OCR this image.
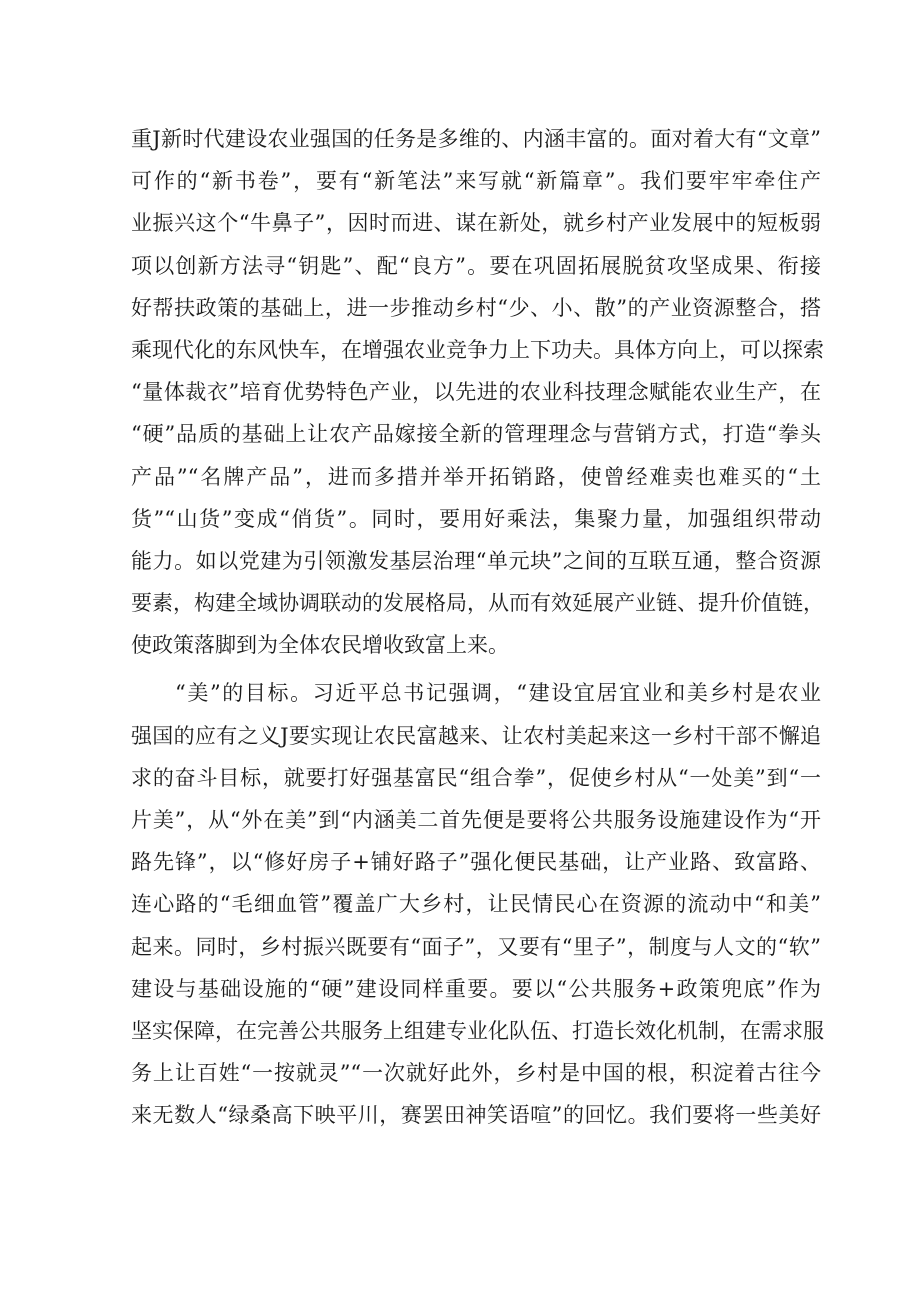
重J新时代建设农业强国的任务是多维的、内涵丰富的。面对着大有“文章”
可作的“新书卷”，要有“新笔法”来写就“新篇章”。我们要牢牢牵住产
业振兴这个“牛鼻子”，因时而进、谋在新处，就乡村产业发展中的短板弱
项以创新方法寻“钥匙”、配“良方”。要在巩固拓展脱贫攻坚成果、衔接
好帮扶政策的基础上，进一步推动乡村“少、小、散”的产业资源整合，搭
乘现代化的东风快车，在增强农业竞争力上下功夫。具体方向上，可以探索
“量体裁衣”培育优势特色产业，以先进的农业科技理念赋能农业生产，在
“硬”品质的基础上让农产品嫁接全新的管理理念与营销方式，打造“拳头
产品”“名牌产品”，进而多措并举开拓销路，使曾经难卖也难买的“土
货”“山货”变成“俏货”。同时，要用好乘法，集聚力量，加强组织带动
能力。如以党建为引领激发基层治理“单元块”之间的互联互通，整合资源
要素，构建全域协调联动的发展格局，从而有效延展产业链、提升价值链，
使政策落脚到为全体农民增收致富上来。
“美”的目标。习近平总书记强调，“建设宜居宜业和美乡村是农业
强国的应有之义J要实现让农民富越来、让农村美起来这一乡村干部不懈追
求的奋斗目标，就要打好强基富民“组合拳”，促使乡村从“一处美”到“一
片美”，从“外在美”到“内涵美二首先便是要将公共服务设施建设作为“开
路先锋”，以“修好房子+铺好路子”强化便民基础，让产业路、致富路、
连心路的“毛细血管”覆盖广大乡村，让民情民心在资源的流动中“和美”
起来。同时，乡村振兴既要有“面子”，又要有“里子”，制度与人文的“软”
建设与基础设施的“硬”建设同样重要。要以“公共服务+政策兜底”作为
坚实保障，在完善公共服务上组建专业化队伍、打造长效化机制，在需求服
务上让百姓“一按就灵”“一次就好此外，乡村是中国的根，积淀着古往今
来无数人“绿桑高下映平川，赛罢田神笑语喧”的回忆。我们要将一些美好
